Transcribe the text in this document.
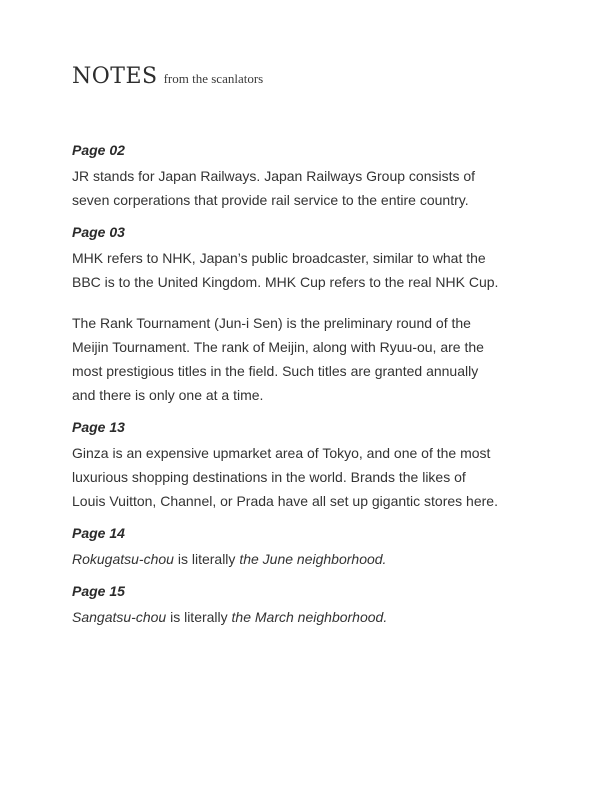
NOTES from the scanlators
Page 02

JR stands for Japan Railways. Japan Railways Group consists of
seven corperations that provide rail service to the entire country.

Page 03

MHK refers to NHK, Japan’s public broadcaster, similar to what the
BBC is to the United Kingdom. MHK Cup refers to the real NHK Cup.

The Rank Tournament (Jun-i Sen) is the preliminary round of the
Meijin Tournament. The rank of Meijin, along with Ryuu-ou, are the
most prestigious titles in the field. Such titles are granted annually
and there is only one at a time.

Page 13

Ginza is an expensive upmarket area of Tokyo, and one of the most
luxurious shopping destinations in the world. Brands the likes of
Louis Vuitton, Channel, or Prada have all set up gigantic stores here.

Page 14

Rokugatsu-chou is literally the June neighborhood.

Page 15

Sangatsu-chou is literally the March neighborhood.
